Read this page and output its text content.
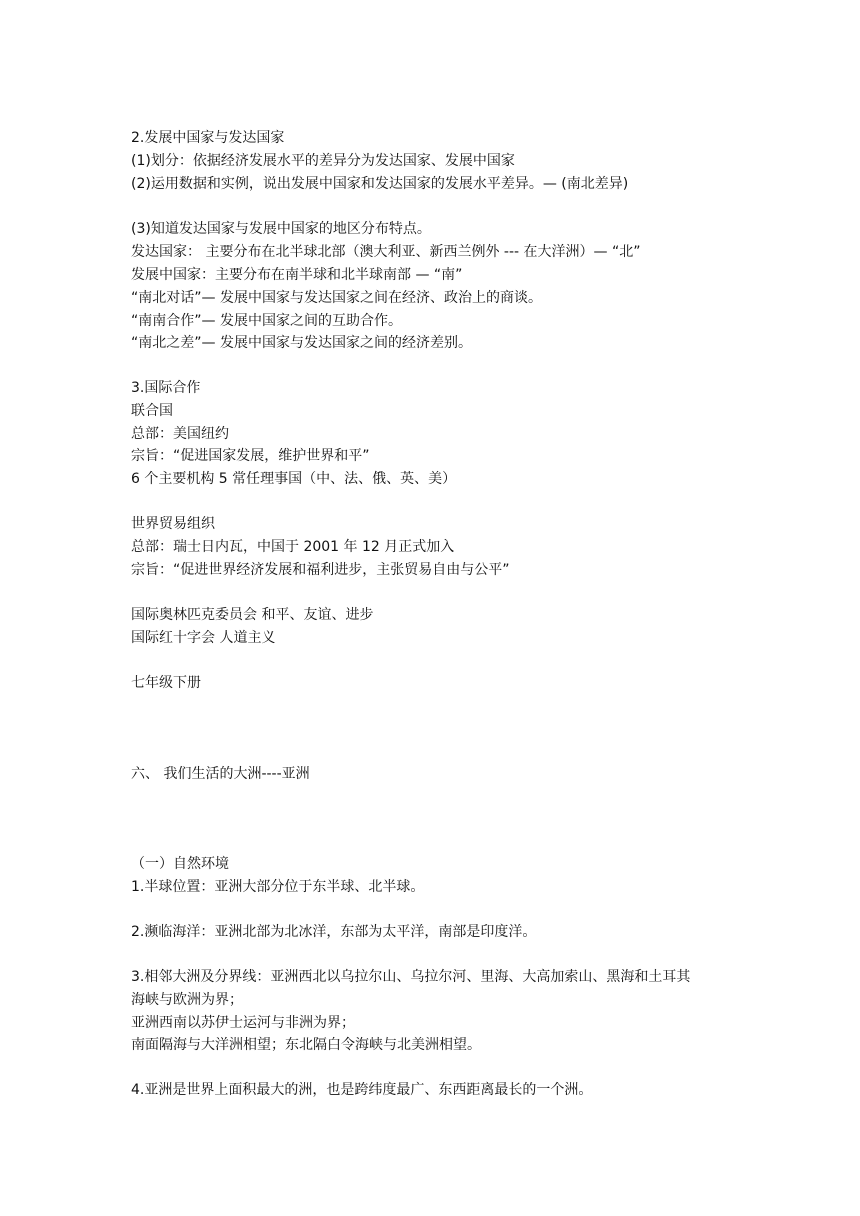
2.发展中国家与发达国家
(1)划分：依据经济发展水平的差异分为发达国家、发展中国家
(2)运用数据和实例，说出发展中国家和发达国家的发展水平差异。— (南北差异)
(3)知道发达国家与发展中国家的地区分布特点。
发达国家： 主要分布在北半球北部（澳大利亚、新西兰例外 --- 在大洋洲）— “北”
发展中国家：主要分布在南半球和北半球南部 — “南”
“南北对话”— 发展中国家与发达国家之间在经济、政治上的商谈。
“南南合作”— 发展中国家之间的互助合作。
“南北之差”— 发展中国家与发达国家之间的经济差别。
3.国际合作
联合国
总部：美国纽约
宗旨：“促进国家发展，维护世界和平”
6 个主要机构 5 常任理事国（中、法、俄、英、美）
世界贸易组织
总部：瑞士日内瓦，中国于 2001 年 12 月正式加入
宗旨：“促进世界经济发展和福利进步，主张贸易自由与公平”
国际奥林匹克委员会 和平、友谊、进步
国际红十字会 人道主义
七年级下册
六、 我们生活的大洲----亚洲
（一）自然环境
1.半球位置：亚洲大部分位于东半球、北半球。
2.濒临海洋：亚洲北部为北冰洋，东部为太平洋，南部是印度洋。
3.相邻大洲及分界线：亚洲西北以乌拉尔山、乌拉尔河、里海、大高加索山、黑海和土耳其
海峡与欧洲为界；
亚洲西南以苏伊士运河与非洲为界；
南面隔海与大洋洲相望；东北隔白令海峡与北美洲相望。
4.亚洲是世界上面积最大的洲，也是跨纬度最广、东西距离最长的一个洲。
